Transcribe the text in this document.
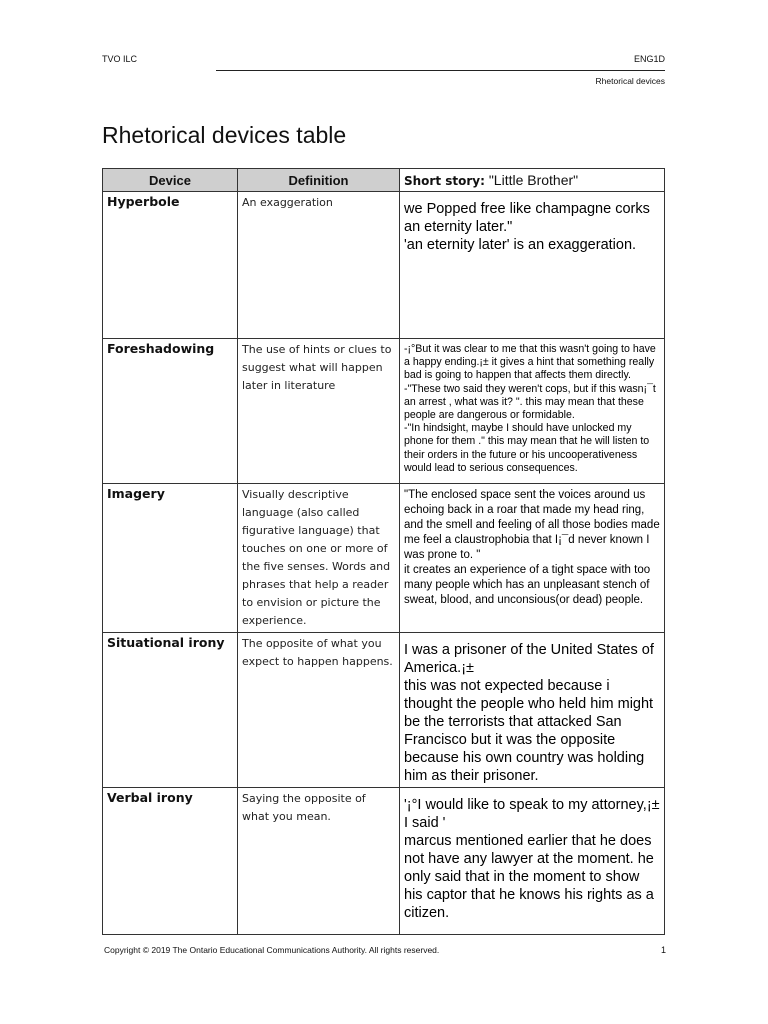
TVO ILC	ENG1D
Rhetorical devices
Rhetorical devices table
Device	Definition	Short story: "Little Brother"
Hyperbole	An exaggeration	we Popped free like champagne corks
an eternity later."
'an eternity later' is an exaggeration.

Foreshadowing	The use of hints or clues to suggest what will happen later in literature	-¡°But it was clear to me that this wasn't going to have a happy ending.¡± it gives a hint that something really bad is going to happen that affects them directly.
-"These two said they weren't cops, but if this wasn¡¯t an arrest , what was it? ". this may mean that these people are dangerous or formidable.
-"In hindsight, maybe I should have unlocked my phone for them ." this may mean that he will listen to their orders in the future or his uncooperativeness would lead to serious consequences.

Imagery	Visually descriptive language (also called figurative language) that touches on one or more of the five senses. Words and phrases that help a reader to envision or picture the experience.	"The enclosed space sent the voices around us echoing back in a roar that made my head ring, and the smell and feeling of all those bodies made me feel a claustrophobia that I¡¯d never known I was prone to. "
it creates an experience of a tight space with too many people which has an unpleasant stench of sweat, blood, and unconsious(or dead) people.

Situational irony	The opposite of what you expect to happen happens.	I was a prisoner of the United States of America.¡±
this was not expected because i thought the people who held him might be the terrorists that attacked San Francisco but it was the opposite because his own country was holding him as their prisoner.

Verbal irony	Saying the opposite of what you mean.	'¡°I would like to speak to my attorney,¡± I said '
marcus mentioned earlier that he does not have any lawyer at the moment. he only said that in the moment to show his captor that he knows his rights as a citizen.

Copyright © 2019 The Ontario Educational Communications Authority. All rights reserved.	1
